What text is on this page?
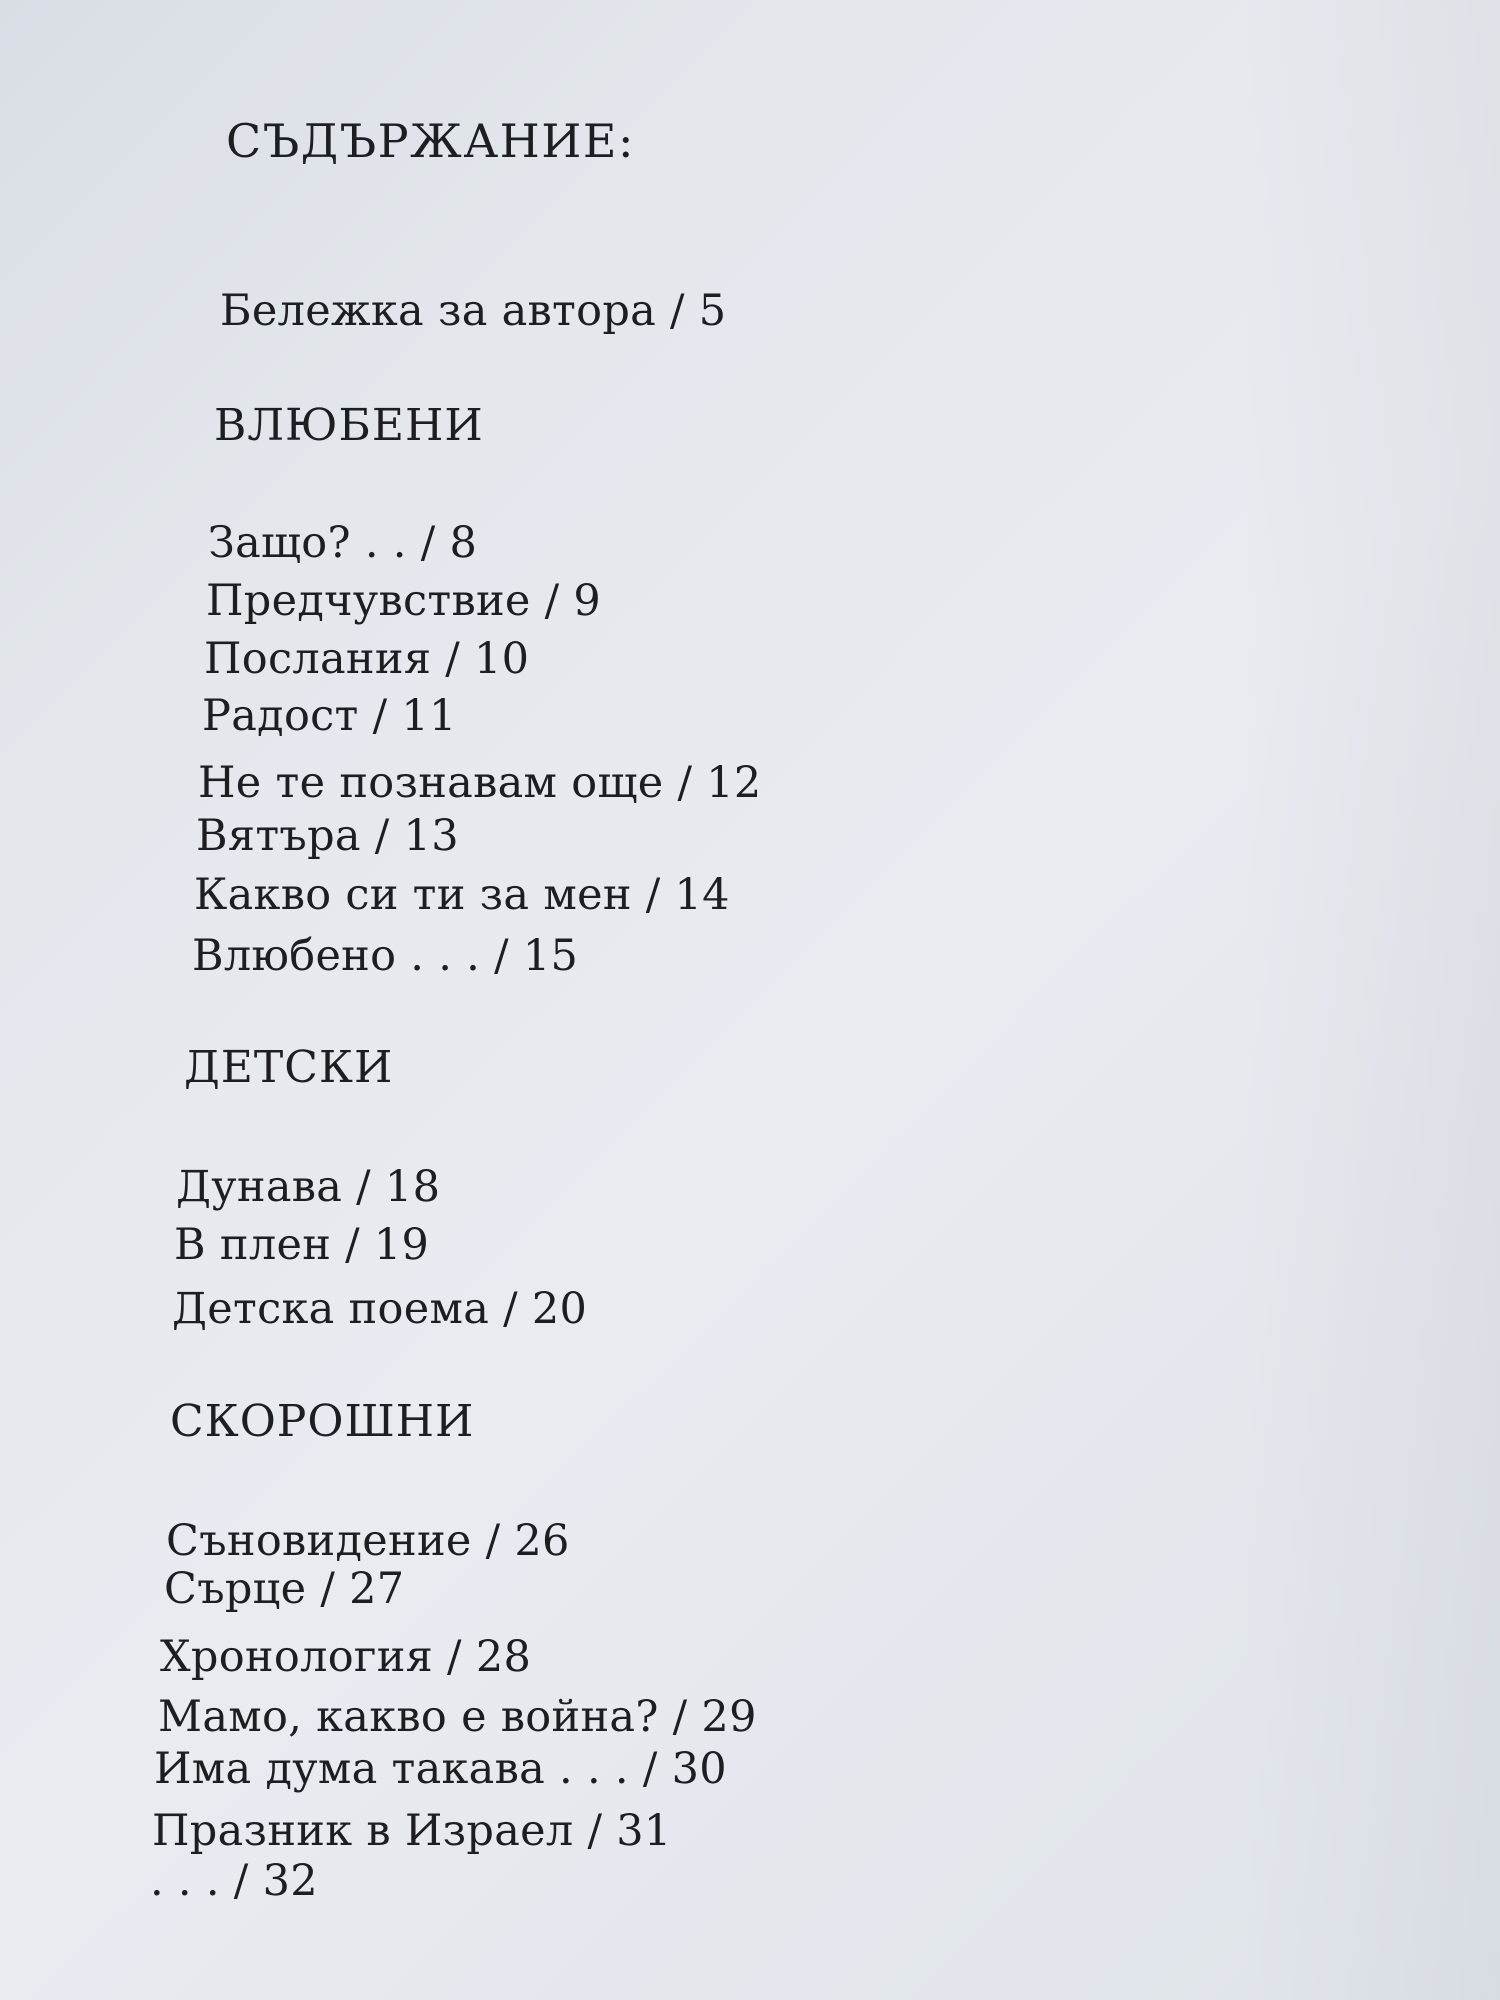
СЪДЪРЖАНИЕ:
Бележка за автора / 5
ВЛЮБЕНИ
Защо? . . / 8
Предчувствие / 9
Послания / 10
Радост / 11
Не те познавам още / 12
Вятъра / 13
Какво си ти за мен / 14
Влюбено . . . / 15
ДЕТСКИ
Дунава / 18
В плен / 19
Детска поема / 20
СКОРОШНИ
Съновидение / 26
Сърце / 27
Хронология / 28
Мамо, какво е война? / 29
Има дума такава . . . / 30
Празник в Израел / 31
. . . / 32
